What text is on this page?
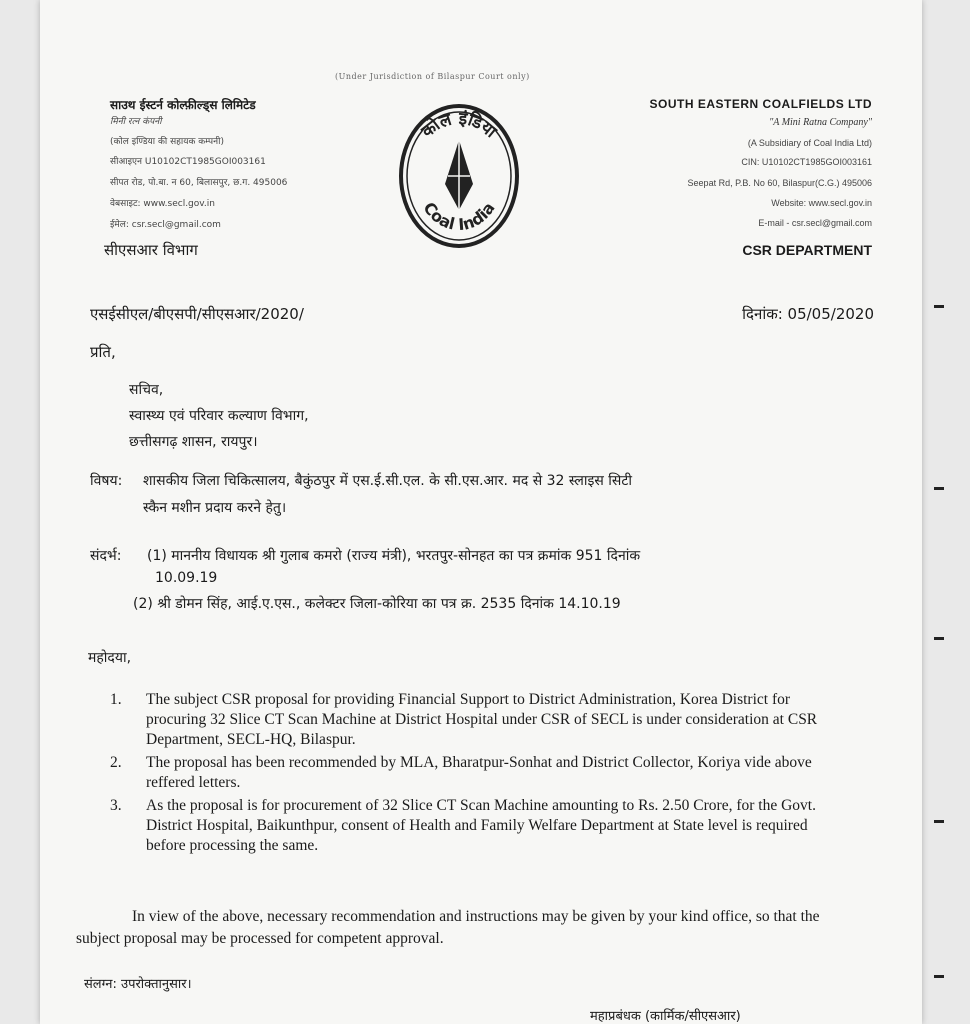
(Under Jurisdiction of Bilaspur Court only)
साउथ ईस्टर्न कोल्फ़ील्ड्स लिमिटेड
मिनी रत्न कंपनी
(कोल इण्डिया की सहायक कम्पनी)
सीआइएन U10102CT1985GOI003161
सीपत रोड, पो.बा. न 60, बिलासपुर, छ.ग. 495006
वेबसाइट: www.secl.gov.in
ईमेल: csr.secl@gmail.com
कोल इंडिया
Coal India
SOUTH EASTERN COALFIELDS LTD
"A Mini Ratna Company"
(A Subsidiary of Coal India Ltd)
CIN: U10102CT1985GOI003161
Seepat Rd, P.B. No 60, Bilaspur(C.G.) 495006
Website: www.secl.gov.in
E-mail - csr.secl@gmail.com
सीएसआर विभाग	CSR DEPARTMENT
एसईसीएल/बीएसपी/सीएसआर/2020/	दिनांक: 05/05/2020
प्रति,
सचिव,
स्वास्थ्य एवं परिवार कल्याण विभाग,
छत्तीसगढ़ शासन, रायपुर।
विषय: शासकीय जिला चिकित्सालय, बैकुंठपुर में एस.ई.सी.एल. के सी.एस.आर. मद से 32 स्लाइस सिटी
स्कैन मशीन प्रदाय करने हेतु।
संदर्भ: (1) माननीय विधायक श्री गुलाब कमरो (राज्य मंत्री), भरतपुर-सोनहत का पत्र क्रमांक 951 दिनांक
10.09.19
(2) श्री डोमन सिंह, आई.ए.एस., कलेक्टर जिला-कोरिया का पत्र क्र. 2535 दिनांक 14.10.19
महोदया,
1.	The subject CSR proposal for providing Financial Support to District Administration, Korea District for procuring 32 Slice CT Scan Machine at District Hospital under CSR of SECL is under consideration at CSR Department, SECL-HQ, Bilaspur.
2.	The proposal has been recommended by MLA, Bharatpur-Sonhat and District Collector, Koriya vide above reffered letters.
3.	As the proposal is for procurement of 32 Slice CT Scan Machine amounting to Rs. 2.50 Crore, for the Govt. District Hospital, Baikunthpur, consent of Health and Family Welfare Department at State level is required before processing the same.
In view of the above, necessary recommendation and instructions may be given by your kind office, so that the subject proposal may be processed for competent approval.
संलग्न: उपरोक्तानुसार।
महाप्रबंधक (कार्मिक/सीएसआर)
